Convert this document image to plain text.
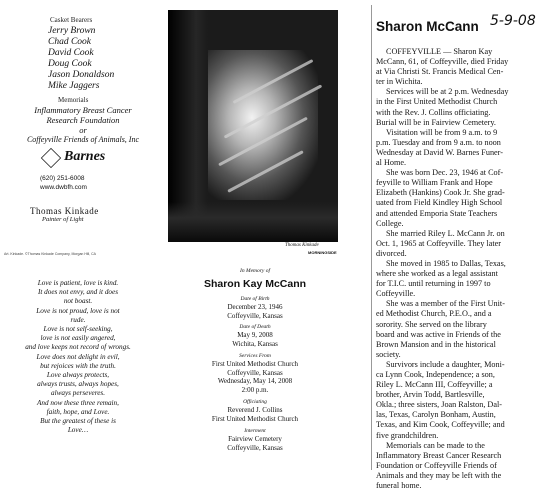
Casket Bearers
Jerry Brown
Chad Cook
David Cook
Doug Cook
Jason Donaldson
Mike Jaggers
Memorials
Inflammatory Breast Cancer
Research Foundation
or
Coffeyville Friends of Animals, Inc
Barnes
(620) 251-6008
www.dwbfh.com
Thomas Kinkade
Painter of Light
Art. Kinkade. ©Thomas Kinkade Company, Morgan Hill, CA
Thomas Kinkade
MORNINGSIDE
Love is patient, love is kind.
It does not envy, and it does
not boast.
Love is not proud, love is not
rude.
Love is not self-seeking,
love is not easily angered,
and love keeps not record of wrongs.
Love does not delight in evil,
but rejoices with the truth.
Love always protects,
always trusts, always hopes,
always perseveres.
And now these three remain,
faith, hope, and Love.
But the greatest of these is
Love…
In Memory of
Sharon Kay McCann
Date of Birth
December 23, 1946
Coffeyville, Kansas
Date of Death
May 9, 2008
Wichita, Kansas
Services From
First United Methodist Church
Coffeyville, Kansas
Wednesday, May 14, 2008
2:00 p.m.
Officiating
Reverend J. Collins
First United Methodist Church
Interment
Fairview Cemetery
Coffeyville, Kansas
Sharon McCann 5-9-08
COFFEYVILLE — Sharon Kay
McCann, 61, of Coffeyville, died Friday
at Via Christi St. Francis Medical Cen-
ter in Wichita.
Services will be at 2 p.m. Wednesday
in the First United Methodist Church
with the Rev. J. Collins officiating.
Burial will be in Fairview Cemetery.
Visitation will be from 9 a.m. to 9
p.m. Tuesday and from 9 a.m. to noon
Wednesday at David W. Barnes Funer-
al Home.
She was born Dec. 23, 1946 at Cof-
feyville to William Frank and Hope
Elizabeth (Hankins) Cook Jr. She grad-
uated from Field Kindley High School
and attended Emporia State Teachers
College.
She married Riley L. McCann Jr. on
Oct. 1, 1965 at Coffeyville. They later
divorced.
She moved in 1985 to Dallas, Texas,
where she worked as a legal assistant
for T.I.C. until returning in 1997 to
Coffeyville.
She was a member of the First Unit-
ed Methodist Church, P.E.O., and a
sorority. She served on the library
board and was active in Friends of the
Brown Mansion and in the historical
society.
Survivors include a daughter, Moni-
ca Lynn Cook, Independence; a son,
Riley L. McCann III, Coffeyville; a
brother, Arvin Todd, Bartlesville,
Okla.; three sisters, Joan Ralston, Dal-
las, Texas, Carolyn Bonham, Austin,
Texas, and Kim Cook, Coffeyville; and
five grandchildren.
Memorials can be made to the
Inflammatory Breast Cancer Research
Foundation or Coffeyville Friends of
Animals and they may be left with the
funeral home.
